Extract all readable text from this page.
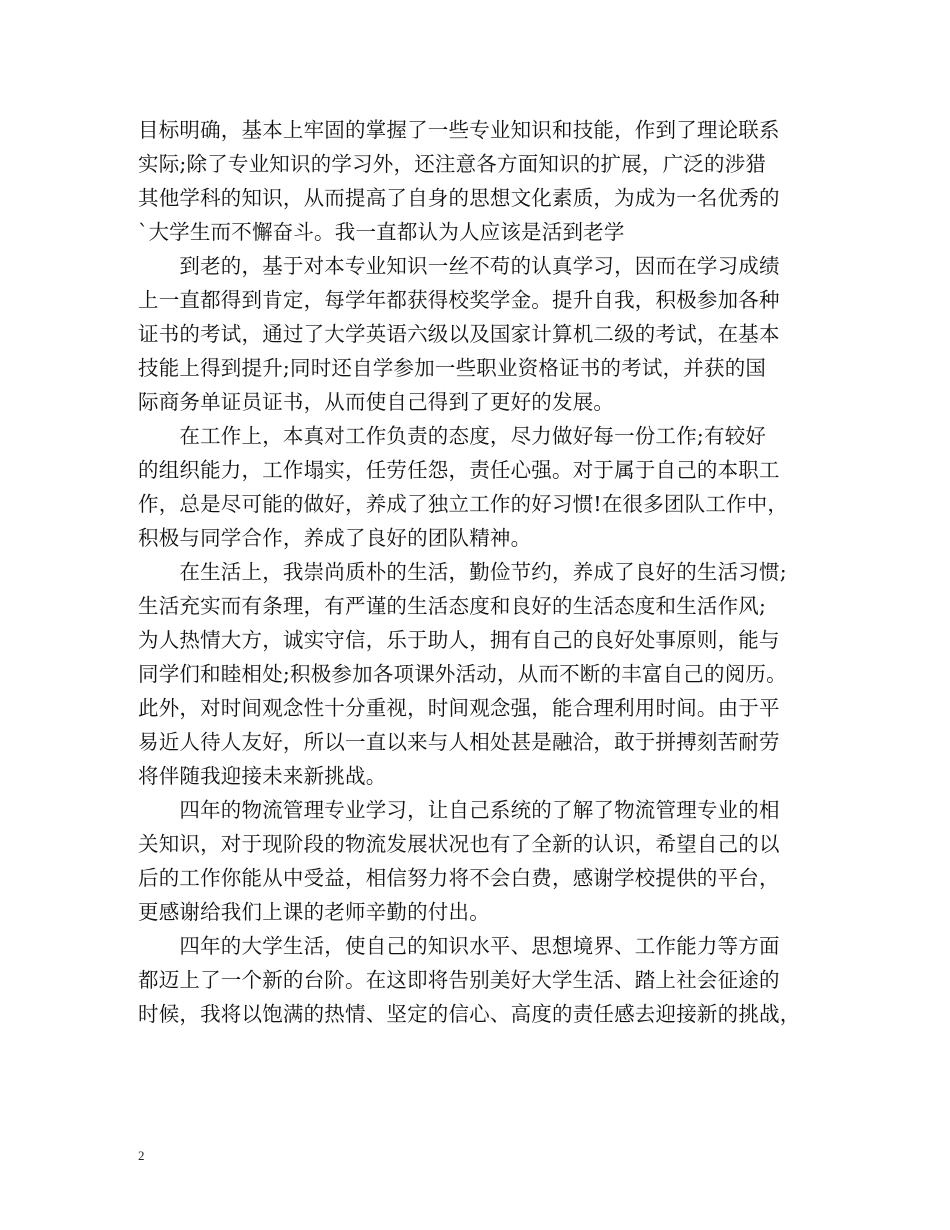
目标明确，基本上牢固的掌握了一些专业知识和技能，作到了理论联系
实际;除了专业知识的学习外，还注意各方面知识的扩展，广泛的涉猎
其他学科的知识，从而提高了自身的思想文化素质，为成为一名优秀的
`大学生而不懈奋斗。我一直都认为人应该是活到老学
　　到老的，基于对本专业知识一丝不苟的认真学习，因而在学习成绩
上一直都得到肯定，每学年都获得校奖学金。提升自我，积极参加各种
证书的考试，通过了大学英语六级以及国家计算机二级的考试，在基本
技能上得到提升;同时还自学参加一些职业资格证书的考试，并获的国
际商务单证员证书，从而使自己得到了更好的发展。
　　在工作上，本真对工作负责的态度，尽力做好每一份工作;有较好
的组织能力，工作塌实，任劳任怨，责任心强。对于属于自己的本职工
作，总是尽可能的做好，养成了独立工作的好习惯!在很多团队工作中，
积极与同学合作，养成了良好的团队精神。
　　在生活上，我崇尚质朴的生活，勤俭节约，养成了良好的生活习惯;
生活充实而有条理，有严谨的生活态度和良好的生活态度和生活作风;
为人热情大方，诚实守信，乐于助人，拥有自己的良好处事原则，能与
同学们和睦相处;积极参加各项课外活动，从而不断的丰富自己的阅历。
此外，对时间观念性十分重视，时间观念强，能合理利用时间。由于平
易近人待人友好，所以一直以来与人相处甚是融洽，敢于拼搏刻苦耐劳
将伴随我迎接未来新挑战。
　　四年的物流管理专业学习，让自己系统的了解了物流管理专业的相
关知识，对于现阶段的物流发展状况也有了全新的认识，希望自己的以
后的工作你能从中受益，相信努力将不会白费，感谢学校提供的平台，
更感谢给我们上课的老师辛勤的付出。
　　四年的大学生活，使自己的知识水平、思想境界、工作能力等方面
都迈上了一个新的台阶。在这即将告别美好大学生活、踏上社会征途的
时候，我将以饱满的热情、坚定的信心、高度的责任感去迎接新的挑战，
2
